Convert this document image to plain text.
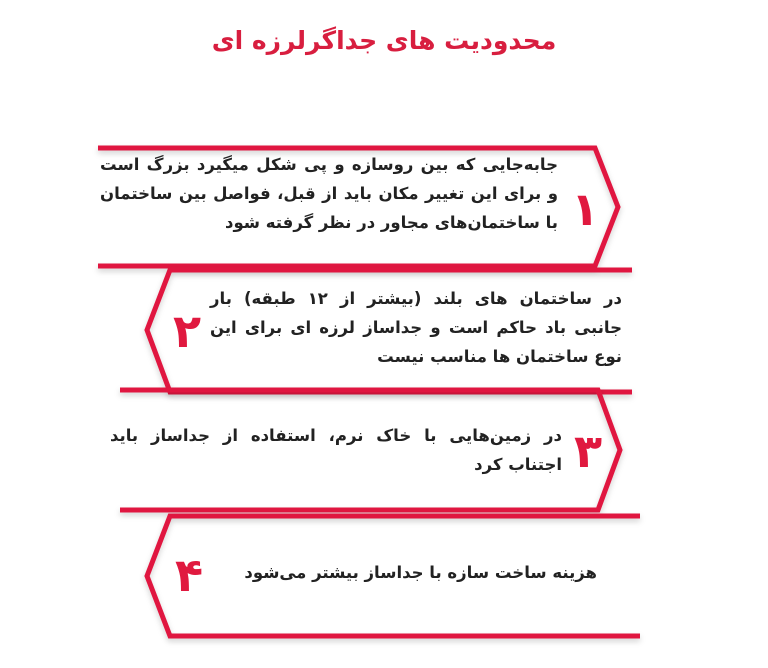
محدودیت های جداگرلرزه ای
جابه‌جایی که بین روسازه و پی شکل میگیرد بزرگ است و برای این تغییر مکان باید از قبل، فواصل بین ساختمان با ساختمان‌های مجاور در نظر گرفته شود ۱
۲
در ساختمان های بلند (بیشتر از ۱۲ طبقه) بار جانبی باد حاکم است و جداساز لرزه ای برای این نوع ساختمان ها مناسب نیست
در زمین‌هایی با خاک نرم، استفاده از جداساز باید اجتناب کرد ۳
۴	هزینه ساخت سازه با جداساز بیشتر می‌شود
